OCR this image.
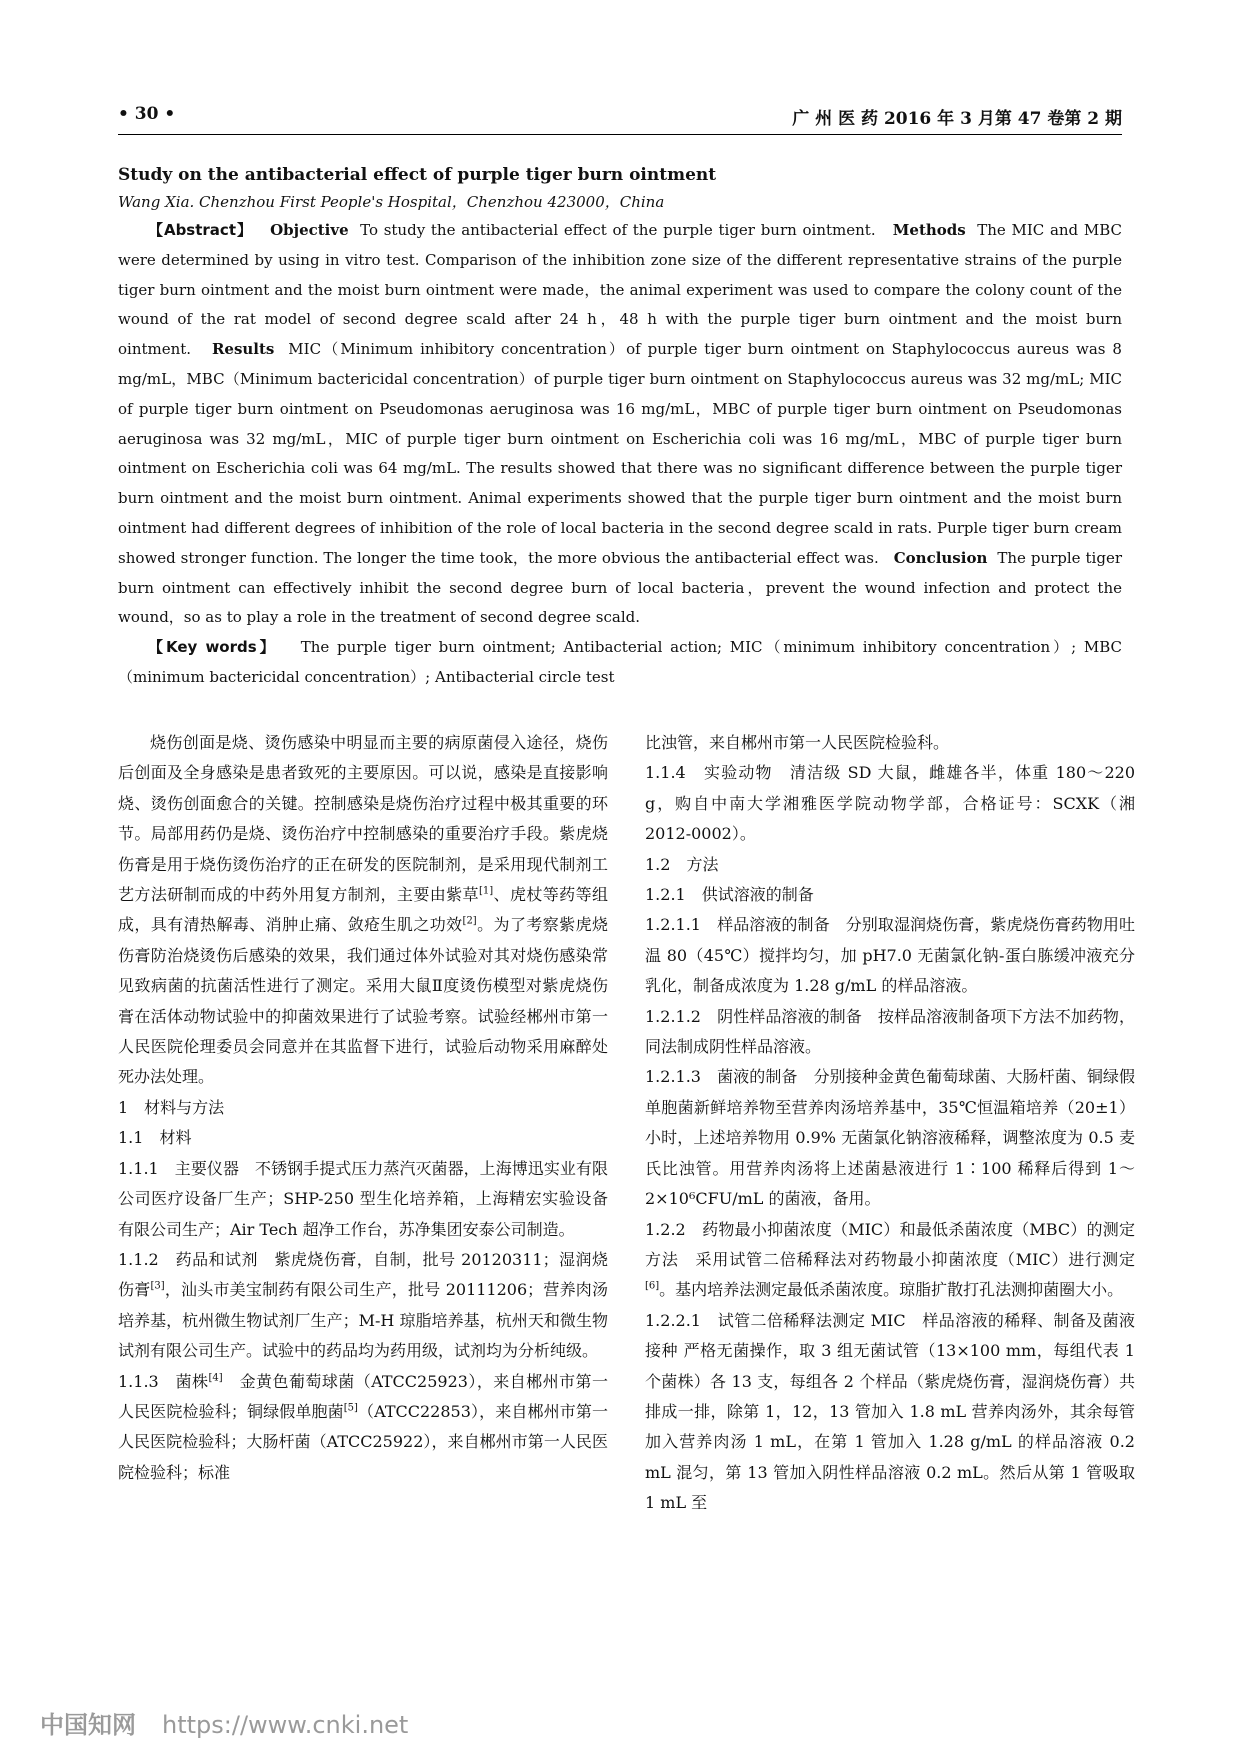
• 30 •	广 州 医 药 2016 年 3 月第 47 卷第 2 期

Study on the antibacterial effect of purple tiger burn ointment

Wang Xia. Chenzhou First People's Hospital，Chenzhou 423000，China

【Abstract】 Objective To study the antibacterial effect of the purple tiger burn ointment. Methods The MIC and MBC were determined by using in vitro test. Comparison of the inhibition zone size of the different representative strains of the purple tiger burn ointment and the moist burn ointment were made，the animal experiment was used to compare the colony count of the wound of the rat model of second degree scald after 24 h，48 h with the purple tiger burn ointment and the moist burn ointment. Results MIC（Minimum inhibitory concentration）of purple tiger burn ointment on Staphylococcus aureus was 8 mg/mL，MBC（Minimum bactericidal concentration）of purple tiger burn ointment on Staphylococcus aureus was 32 mg/mL; MIC of purple tiger burn ointment on Pseudomonas aeruginosa was 16 mg/mL，MBC of purple tiger burn ointment on Pseudomonas aeruginosa was 32 mg/mL，MIC of purple tiger burn ointment on Escherichia coli was 16 mg/mL，MBC of purple tiger burn ointment on Escherichia coli was 64 mg/mL. The results showed that there was no significant difference between the purple tiger burn ointment and the moist burn ointment. Animal experiments showed that the purple tiger burn ointment and the moist burn ointment had different degrees of inhibition of the role of local bacteria in the second degree scald in rats. Purple tiger burn cream showed stronger function. The longer the time took，the more obvious the antibacterial effect was. Conclusion The purple tiger burn ointment can effectively inhibit the second degree burn of local bacteria，prevent the wound infection and protect the wound，so as to play a role in the treatment of second degree scald.

【Key words】 The purple tiger burn ointment; Antibacterial action; MIC（minimum inhibitory concentration）; MBC（minimum bactericidal concentration）; Antibacterial circle test

烧伤创面是烧、烫伤感染中明显而主要的病原菌侵入途径，烧伤后创面及全身感染是患者致死的主要原因。可以说，感染是直接影响烧、烫伤创面愈合的关键。控制感染是烧伤治疗过程中极其重要的环节。局部用药仍是烧、烫伤治疗中控制感染的重要治疗手段。紫虎烧伤膏是用于烧伤烫伤治疗的正在研发的医院制剂，是采用现代制剂工艺方法研制而成的中药外用复方制剂，主要由紫草[1]、虎杖等药等组成，具有清热解毒、消肿止痛、敛疮生肌之功效[2]。为了考察紫虎烧伤膏防治烧烫伤后感染的效果，我们通过体外试验对其对烧伤感染常见致病菌的抗菌活性进行了测定。采用大鼠Ⅱ度烫伤模型对紫虎烧伤膏在活体动物试验中的抑菌效果进行了试验考察。试验经郴州市第一人民医院伦理委员会同意并在其监督下进行，试验后动物采用麻醉处死办法处理。

1　材料与方法

1.1　材料

1.1.1　主要仪器　不锈钢手提式压力蒸汽灭菌器，上海博迅实业有限公司医疗设备厂生产；SHP-250 型生化培养箱，上海精宏实验设备有限公司生产；Air Tech 超净工作台，苏净集团安泰公司制造。

1.1.2　药品和试剂　紫虎烧伤膏，自制，批号 20120311；湿润烧伤膏[3]，汕头市美宝制药有限公司生产，批号 20111206；营养肉汤培养基，杭州微生物试剂厂生产；M-H 琼脂培养基，杭州天和微生物试剂有限公司生产。试验中的药品均为药用级，试剂均为分析纯级。

1.1.3　菌株[4]　金黄色葡萄球菌（ATCC25923），来自郴州市第一人民医院检验科；铜绿假单胞菌[5]（ATCC22853），来自郴州市第一人民医院检验科；大肠杆菌（ATCC25922），来自郴州市第一人民医院检验科；标准

比浊管，来自郴州市第一人民医院检验科。

1.1.4　实验动物　清洁级 SD 大鼠，雌雄各半，体重 180～220 g，购自中南大学湘雅医学院动物学部，合格证号：SCXK（湘 2012-0002）。

1.2　方法

1.2.1　供试溶液的制备

1.2.1.1　样品溶液的制备　分别取湿润烧伤膏，紫虎烧伤膏药物用吐温 80（45℃）搅拌均匀，加 pH7.0 无菌氯化钠-蛋白胨缓冲液充分乳化，制备成浓度为 1.28 g/mL 的样品溶液。

1.2.1.2　阴性样品溶液的制备　按样品溶液制备项下方法不加药物，同法制成阴性样品溶液。

1.2.1.3　菌液的制备　分别接种金黄色葡萄球菌、大肠杆菌、铜绿假单胞菌新鲜培养物至营养肉汤培养基中，35℃恒温箱培养（20±1）小时，上述培养物用 0.9% 无菌氯化钠溶液稀释，调整浓度为 0.5 麦氏比浊管。用营养肉汤将上述菌悬液进行 1∶100 稀释后得到 1～2×10⁶CFU/mL 的菌液，备用。

1.2.2　药物最小抑菌浓度（MIC）和最低杀菌浓度（MBC）的测定方法　采用试管二倍稀释法对药物最小抑菌浓度（MIC）进行测定[6]。基内培养法测定最低杀菌浓度。琼脂扩散打孔法测抑菌圈大小。

1.2.2.1　试管二倍稀释法测定 MIC　样品溶液的稀释、制备及菌液接种 严格无菌操作，取 3 组无菌试管（13×100 mm，每组代表 1 个菌株）各 13 支，每组各 2 个样品（紫虎烧伤膏，湿润烧伤膏）共排成一排，除第 1，12，13 管加入 1.8 mL 营养肉汤外，其余每管加入营养肉汤 1 mL，在第 1 管加入 1.28 g/mL 的样品溶液 0.2 mL 混匀，第 13 管加入阴性样品溶液 0.2 mL。然后从第 1 管吸取 1 mL 至

中国知网 https://www.cnki.net
